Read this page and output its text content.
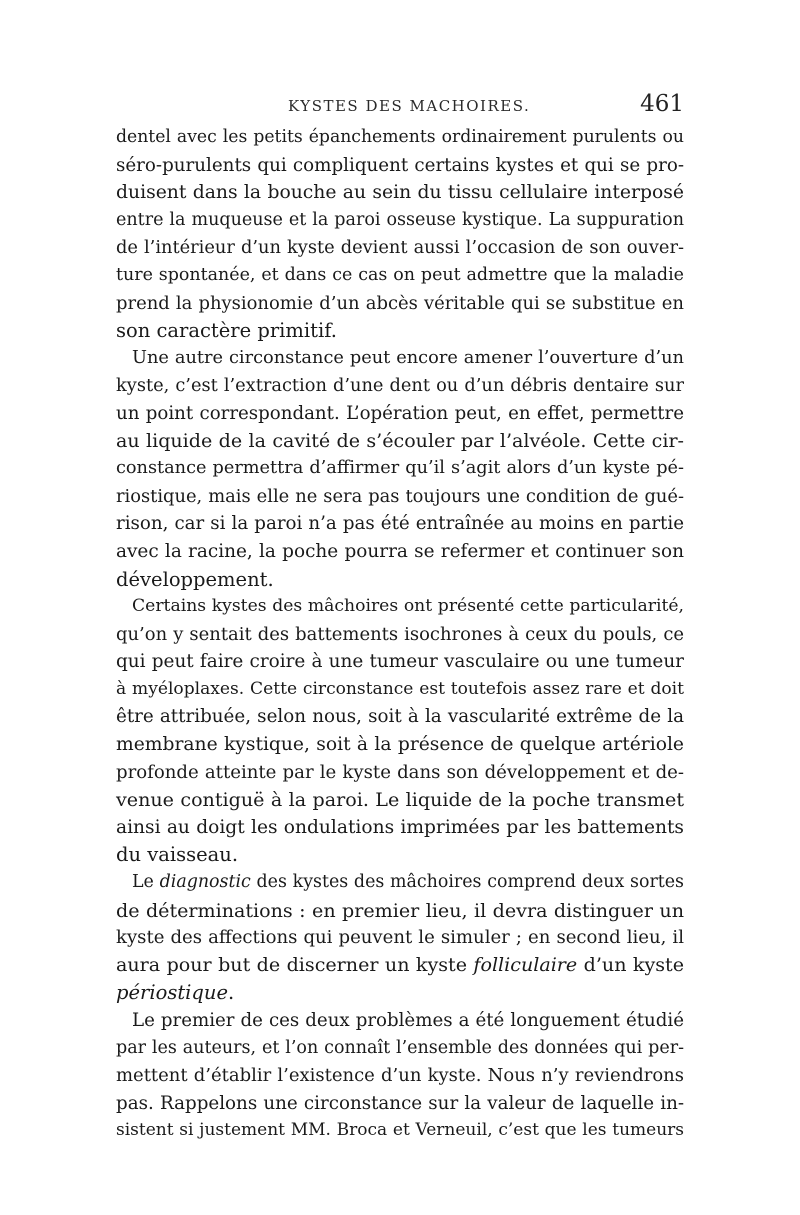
KYSTES DES MACHOIRES.	461
dentel avec les petits épanchements ordinairement purulents ou
séro-purulents qui compliquent certains kystes et qui se pro-
duisent dans la bouche au sein du tissu cellulaire interposé
entre la muqueuse et la paroi osseuse kystique. La suppuration
de l’intérieur d’un kyste devient aussi l’occasion de son ouver-
ture spontanée, et dans ce cas on peut admettre que la maladie
prend la physionomie d’un abcès véritable qui se substitue en
son caractère primitif.
Une autre circonstance peut encore amener l’ouverture d’un
kyste, c’est l’extraction d’une dent ou d’un débris dentaire sur
un point correspondant. L’opération peut, en effet, permettre
au liquide de la cavité de s’écouler par l’alvéole. Cette cir-
constance permettra d’affirmer qu’il s’agit alors d’un kyste pé-
riostique, mais elle ne sera pas toujours une condition de gué-
rison, car si la paroi n’a pas été entraînée au moins en partie
avec la racine, la poche pourra se refermer et continuer son
développement.
Certains kystes des mâchoires ont présenté cette particularité,
qu’on y sentait des battements isochrones à ceux du pouls, ce
qui peut faire croire à une tumeur vasculaire ou une tumeur
à myéloplaxes. Cette circonstance est toutefois assez rare et doit
être attribuée, selon nous, soit à la vascularité extrême de la
membrane kystique, soit à la présence de quelque artériole
profonde atteinte par le kyste dans son développement et de-
venue contiguë à la paroi. Le liquide de la poche transmet
ainsi au doigt les ondulations imprimées par les battements
du vaisseau.
Le diagnostic des kystes des mâchoires comprend deux sortes
de déterminations : en premier lieu, il devra distinguer un
kyste des affections qui peuvent le simuler ; en second lieu, il
aura pour but de discerner un kyste folliculaire d’un kyste
périostique.
Le premier de ces deux problèmes a été longuement étudié
par les auteurs, et l’on connaît l’ensemble des données qui per-
mettent d’établir l’existence d’un kyste. Nous n’y reviendrons
pas. Rappelons une circonstance sur la valeur de laquelle in-
sistent si justement MM. Broca et Verneuil, c’est que les tumeurs
